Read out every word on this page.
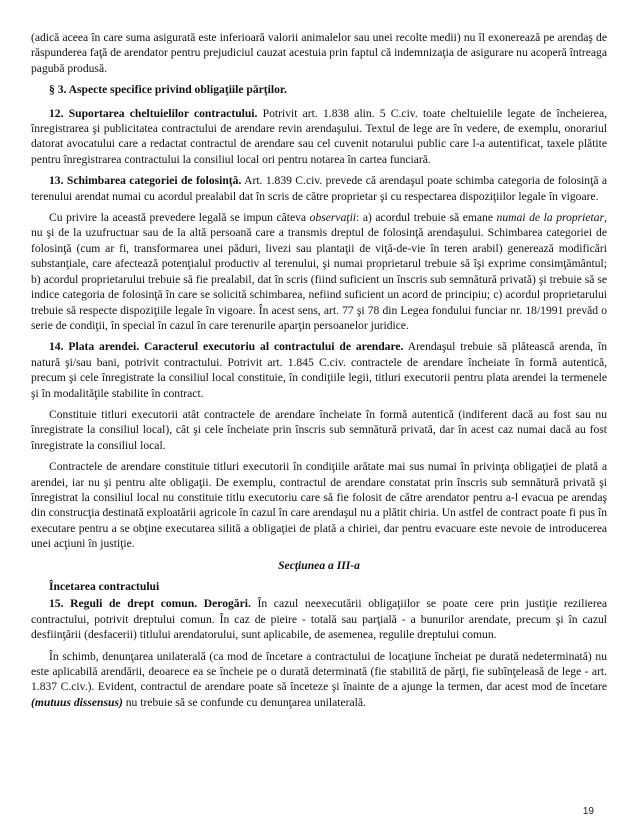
(adică aceea în care suma asigurată este inferioară valorii animalelor sau unei recolte medii) nu îl exonerează pe arendaş de răspunderea faţă de arendator pentru prejudiciul cauzat acestuia prin faptul că indemnizaţia de asigurare nu acoperă întreaga pagubă produsă.

§ 3. Aspecte specifice privind obligaţiile părţilor.

12. Suportarea cheltuielilor contractului. Potrivit art. 1.838 alin. 5 C.civ. toate cheltuielile legate de încheierea, înregistrarea şi publicitatea contractului de arendare revin arendaşului. Textul de lege are în vedere, de exemplu, onorariul datorat avocatului care a redactat contractul de arendare sau cel cuvenit notarului public care l-a autentificat, taxele plătite pentru înregistrarea contractului la consiliul local ori pentru notarea în cartea funciară.

13. Schimbarea categoriei de folosinţă. Art. 1.839 C.civ. prevede că arendaşul poate schimba categoria de folosinţă a terenului arendat numai cu acordul prealabil dat în scris de către proprietar şi cu respectarea dispoziţiilor legale în vigoare.

Cu privire la această prevedere legală se impun câteva observaţii: a) acordul trebuie să emane numai de la proprietar, nu şi de la uzufructuar sau de la altă persoană care a transmis dreptul de folosinţă arendaşului. Schimbarea categoriei de folosinţă (cum ar fi, transformarea unei păduri, livezi sau plantaţii de viţă-de-vie în teren arabil) generează modificări substanţiale, care afectează potenţialul productiv al terenului, şi numai proprietarul trebuie să îşi exprime consimţământul; b) acordul proprietarului trebuie să fie prealabil, dat în scris (fiind suficient un înscris sub semnătură privată) şi trebuie să se indice categoria de folosinţă în care se solicită schimbarea, nefiind suficient un acord de principiu; c) acordul proprietarului trebuie să respecte dispoziţiile legale în vigoare. În acest sens, art. 77 şi 78 din Legea fondului funciar nr. 18/1991 prevăd o serie de condiţii, în special în cazul în care terenurile aparţin persoanelor juridice.

14. Plata arendei. Caracterul executoriu al contractului de arendare. Arendaşul trebuie să plătească arenda, în natură şi/sau bani, potrivit contractului. Potrivit art. 1.845 C.civ. contractele de arendare încheiate în formă autentică, precum şi cele înregistrate la consiliul local constituie, în condiţiile legii, titluri executorii pentru plata arendei la termenele şi în modalităţile stabilite în contract.

Constituie titluri executorii atât contractele de arendare încheiate în formă autentică (indiferent dacă au fost sau nu înregistrate la consiliul local), cât şi cele încheiate prin înscris sub semnătură privată, dar în acest caz numai dacă au fost înregistrate la consiliul local.

Contractele de arendare constituie titluri executorii în condiţiile arătate mai sus numai în privinţa obligaţiei de plată a arendei, iar nu şi pentru alte obligaţii. De exemplu, contractul de arendare constatat prin înscris sub semnătură privată şi înregistrat la consiliul local nu constituie titlu executoriu care să fie folosit de către arendator pentru a-l evacua pe arendaş din construcţia destinată exploatării agricole în cazul în care arendaşul nu a plătit chiria. Un astfel de contract poate fi pus în executare pentru a se obţine executarea silită a obligaţiei de plată a chiriei, dar pentru evacuare este nevoie de introducerea unei acţiuni în justiţie.

Secţiunea a III-a

Încetarea contractului

15. Reguli de drept comun. Derogări. În cazul neexecutării obligaţiilor se poate cere prin justiţie rezilierea contractului, potrivit dreptului comun. În caz de pieire - totală sau parţială - a bunurilor arendate, precum şi în cazul desfiinţării (desfacerii) titlului arendatorului, sunt aplicabile, de asemenea, regulile dreptului comun.

În schimb, denunţarea unilaterală (ca mod de încetare a contractului de locaţiune încheiat pe durată nedeterminată) nu este aplicabilă arendării, deoarece ea se încheie pe o durată determinată (fie stabilită de părţi, fie subînţeleasă de lege - art. 1.837 C.civ.). Evident, contractul de arendare poate să înceteze şi înainte de a ajunge la termen, dar acest mod de încetare (mutuus dissensus) nu trebuie să se confunde cu denunţarea unilaterală.

19
